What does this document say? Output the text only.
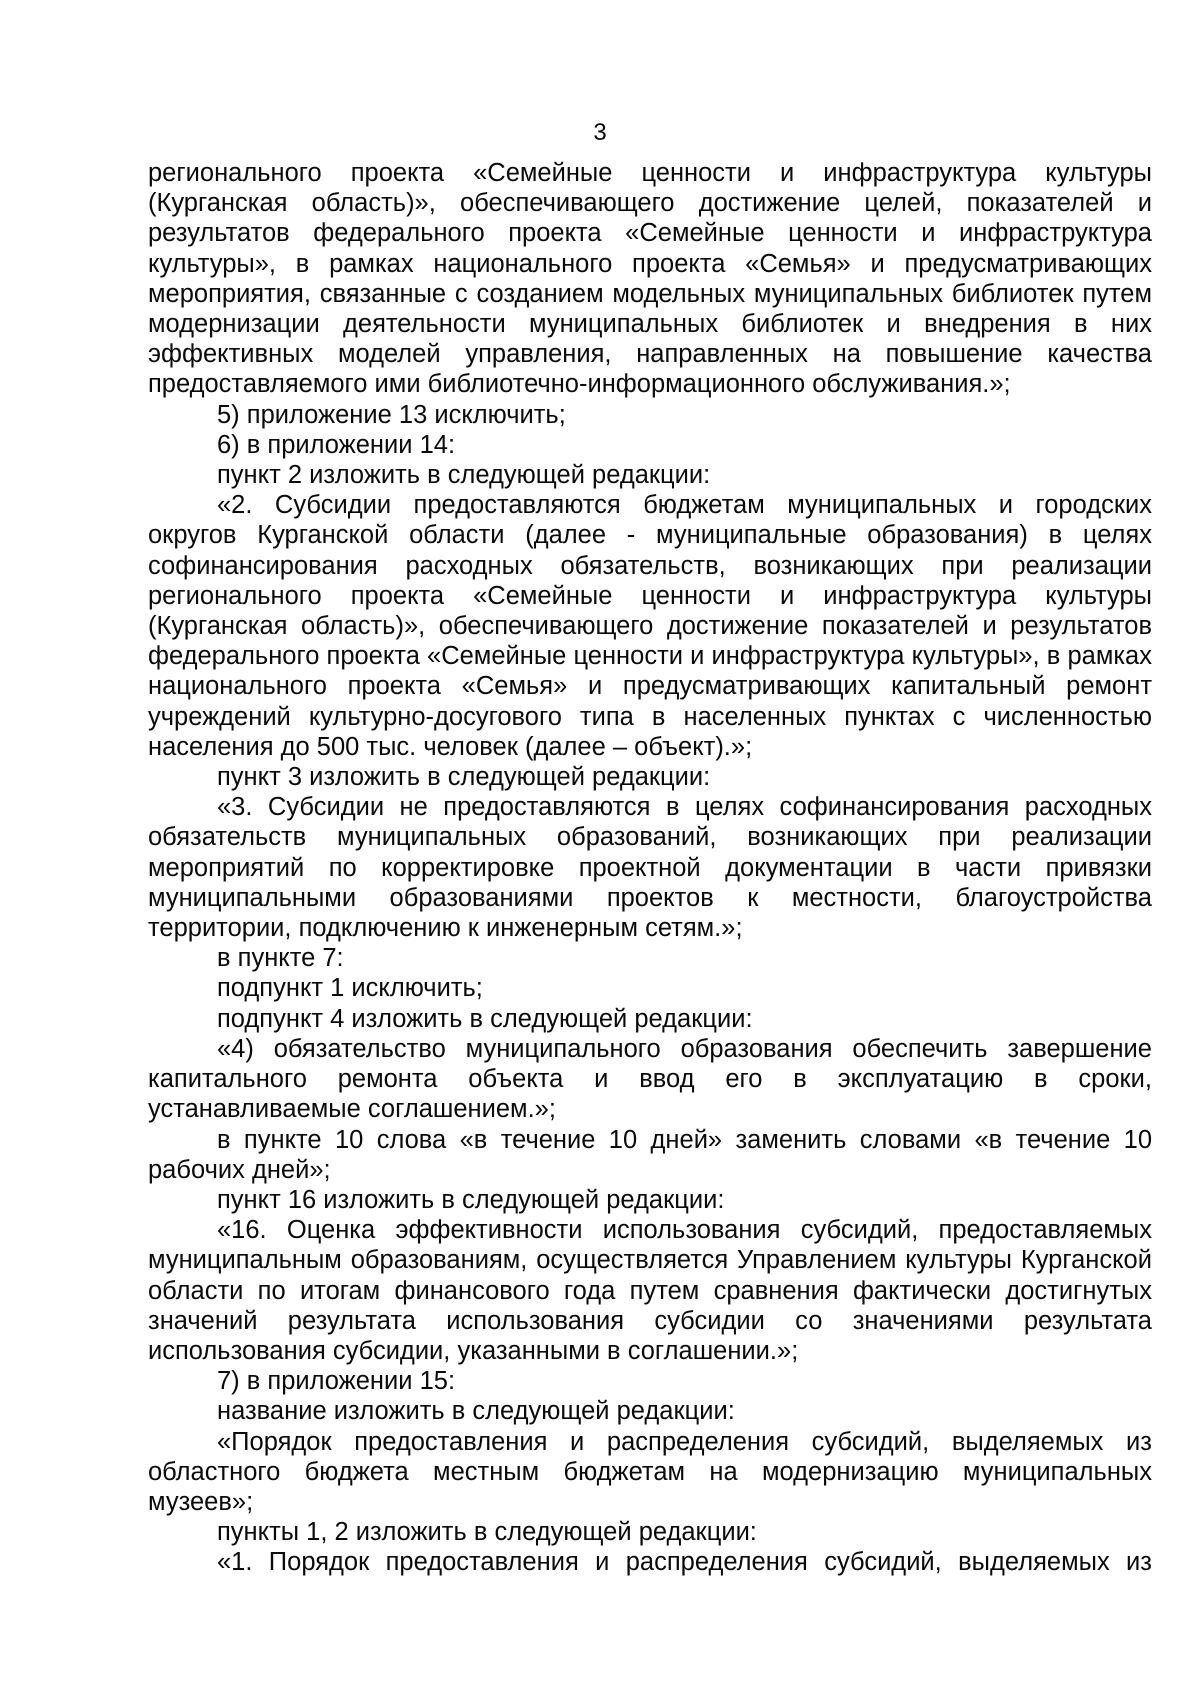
3

регионального проекта «Семейные ценности и инфраструктура культуры (Курганская область)», обеспечивающего достижение целей, показателей и результатов федерального проекта «Семейные ценности и инфраструктура культуры», в рамках национального проекта «Семья» и предусматривающих мероприятия, связанные с созданием модельных муниципальных библиотек путем модернизации деятельности муниципальных библиотек и внедрения в них эффективных моделей управления, направленных на повышение качества предоставляемого ими библиотечно-информационного обслуживания.»;

5) приложение 13 исключить;

6) в приложении 14:

пункт 2 изложить в следующей редакции:

«2. Субсидии предоставляются бюджетам муниципальных и городских округов Курганской области (далее - муниципальные образования) в целях софинансирования расходных обязательств, возникающих при реализации регионального проекта «Семейные ценности и инфраструктура культуры (Курганская область)», обеспечивающего достижение показателей и результатов федерального проекта «Семейные ценности и инфраструктура культуры», в рамках национального проекта «Семья» и предусматривающих капитальный ремонт учреждений культурно-досугового типа в населенных пунктах с численностью населения до 500 тыс. человек (далее – объект).»;

пункт 3 изложить в следующей редакции:

«3. Субсидии не предоставляются в целях софинансирования расходных обязательств муниципальных образований, возникающих при реализации мероприятий по корректировке проектной документации в части привязки муниципальными образованиями проектов к местности, благоустройства территории, подключению к инженерным сетям.»;

в пункте 7:

подпункт 1 исключить;

подпункт 4 изложить в следующей редакции:

«4) обязательство муниципального образования обеспечить завершение капитального ремонта объекта и ввод его в эксплуатацию в сроки, устанавливаемые соглашением.»;

в пункте 10 слова «в течение 10 дней» заменить словами «в течение 10 рабочих дней»;

пункт 16 изложить в следующей редакции:

«16. Оценка эффективности использования субсидий, предоставляемых муниципальным образованиям, осуществляется Управлением культуры Курганской области по итогам финансового года путем сравнения фактически достигнутых значений результата использования субсидии со значениями результата использования субсидии, указанными в соглашении.»;

7) в приложении 15:

название изложить в следующей редакции:

«Порядок предоставления и распределения субсидий, выделяемых из областного бюджета местным бюджетам на модернизацию муниципальных музеев»;

пункты 1, 2 изложить в следующей редакции:

«1. Порядок предоставления и распределения субсидий, выделяемых из
